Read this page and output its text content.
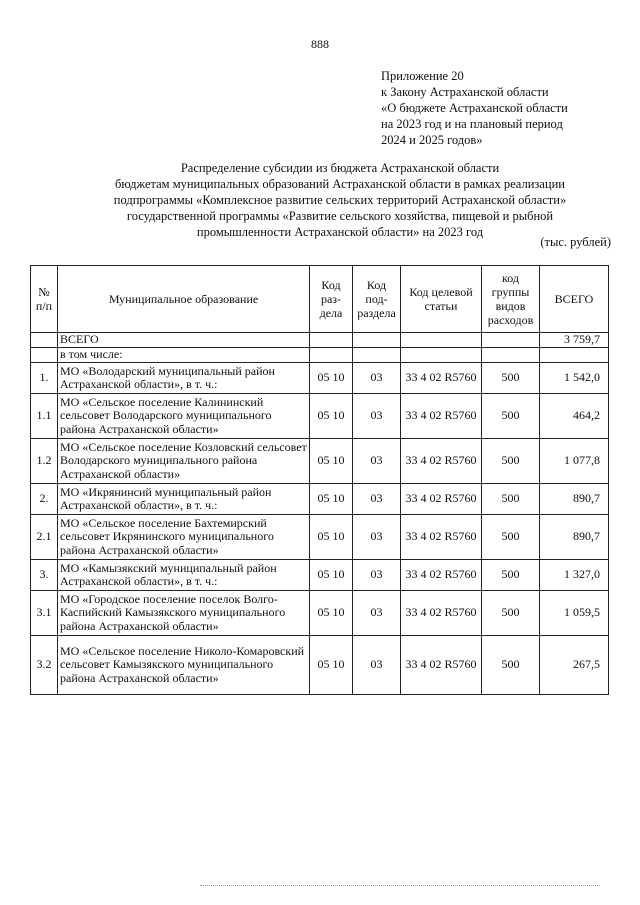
888
Приложение 20
к Закону Астраханской области
«О бюджете Астраханской области
на 2023 год и на плановый период
2024 и 2025 годов»
Распределение субсидии из бюджета Астраханской области
бюджетам муниципальных образований Астраханской области в рамках реализации
подпрограммы «Комплексное развитие сельских территорий Астраханской области»
государственной программы «Развитие сельского хозяйства, пищевой и рыбной
промышленности Астраханской области» на 2023 год
(тыс. рублей)
№ п/п	Муниципальное образование	Код раз-дела	Код под-раздела	Код целевой статьи	код группы видов расходов	ВСЕГО
	ВСЕГО					3 759,7
	в том числе:					
1.	МО «Володарский муниципальный район Астраханской области», в т. ч.:	05 10	03	33 4 02 R5760	500	1 542,0
1.1	МО «Сельское поселение Калининский сельсовет Володарского муниципального района Астраханской области»	05 10	03	33 4 02 R5760	500	464,2
1.2	МО «Сельское поселение Козловский сельсовет Володарского муниципального района Астраханской области»	05 10	03	33 4 02 R5760	500	1 077,8
2.	МО «Икрянинсий муниципальный район Астраханской области», в т. ч.:	05 10	03	33 4 02 R5760	500	890,7
2.1	МО «Сельское поселение Бахтемирский сельсовет Икрянинского муниципального района Астраханской области»	05 10	03	33 4 02 R5760	500	890,7
3.	МО «Камызякский муниципальный район Астраханской области», в т. ч.:	05 10	03	33 4 02 R5760	500	1 327,0
3.1	МО «Городское поселение поселок Волго-Каспийский Камызякского муниципального района Астраханской области»	05 10	03	33 4 02 R5760	500	1 059,5
3.2	МО «Сельское поселение Николо-Комаровский сельсовет Камызякского муниципального района Астраханской области»	05 10	03	33 4 02 R5760	500	267,5
